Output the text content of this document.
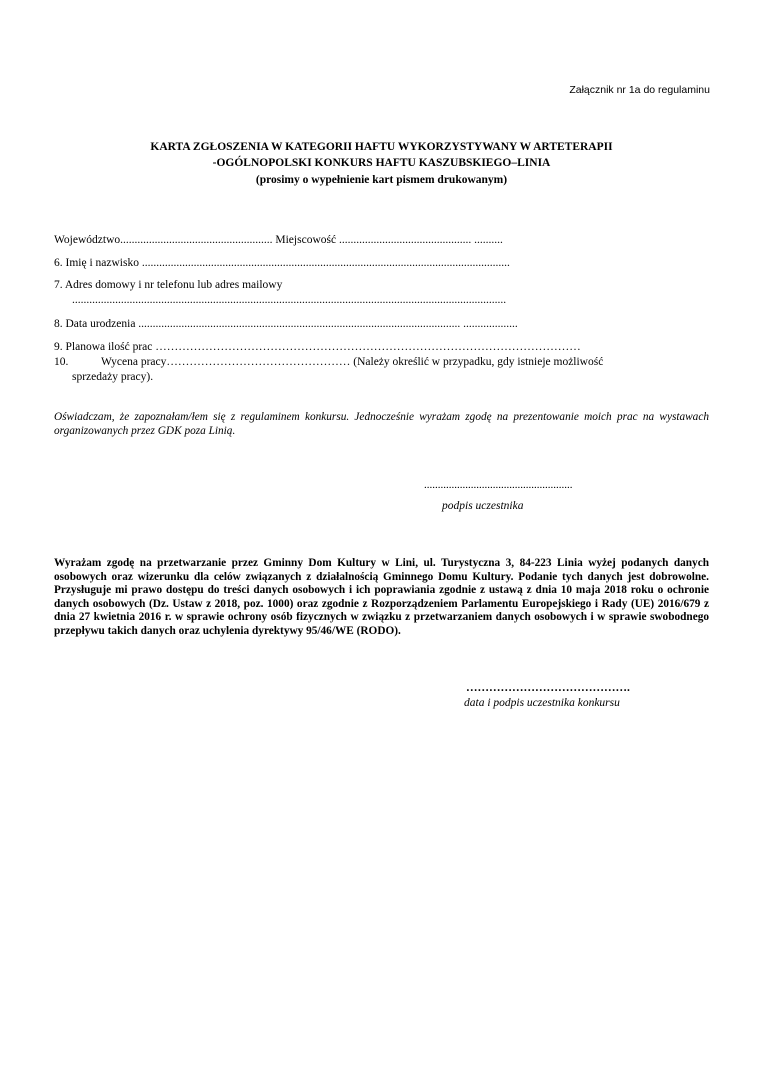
Załącznik nr 1a do regulaminu
KARTA ZGŁOSZENIA W KATEGORII HAFTU WYKORZYSTYWANY W ARTETERAPII
-OGÓLNOPOLSKI KONKURS HAFTU KASZUBSKIEGO–LINIA
(prosimy o wypełnienie kart pismem drukowanym)
Województwo..................................................... Miejscowość .............................................. ..........
6. Imię i nazwisko ................................................................................................................................
7. Adres domowy i nr telefonu lub adres mailowy
.......................................................................................................................................................
8. Data urodzenia ................................................................................................................ ...................
9. Planowa ilość prac …………………………………………………………………………………………………
10.	Wycena pracy………………………………………… (Należy określić w przypadku, gdy istnieje możliwość
sprzedaży pracy).
Oświadczam, że zapoznałam/łem się z regulaminem konkursu. Jednocześnie wyrażam zgodę na prezentowanie moich prac na wystawach organizowanych przez GDK poza Linią.
......................................................
podpis uczestnika
Wyrażam zgodę na przetwarzanie przez Gminny Dom Kultury w Lini, ul. Turystyczna 3, 84-223 Linia wyżej podanych danych osobowych oraz wizerunku dla celów związanych z działalnością Gminnego Domu Kultury. Podanie tych danych jest dobrowolne. Przysługuje mi prawo dostępu do treści danych osobowych i ich poprawiania zgodnie z ustawą z dnia 10 maja 2018 roku o ochronie danych osobowych (Dz. Ustaw z 2018, poz. 1000) oraz zgodnie z Rozporządzeniem Parlamentu Europejskiego i Rady (UE) 2016/679 z dnia 27 kwietnia 2016 r. w sprawie ochrony osób fizycznych w związku z przetwarzaniem danych osobowych i w sprawie swobodnego przepływu takich danych oraz uchylenia dyrektywy 95/46/WE (RODO).
…………………………………….
data i podpis uczestnika konkursu
